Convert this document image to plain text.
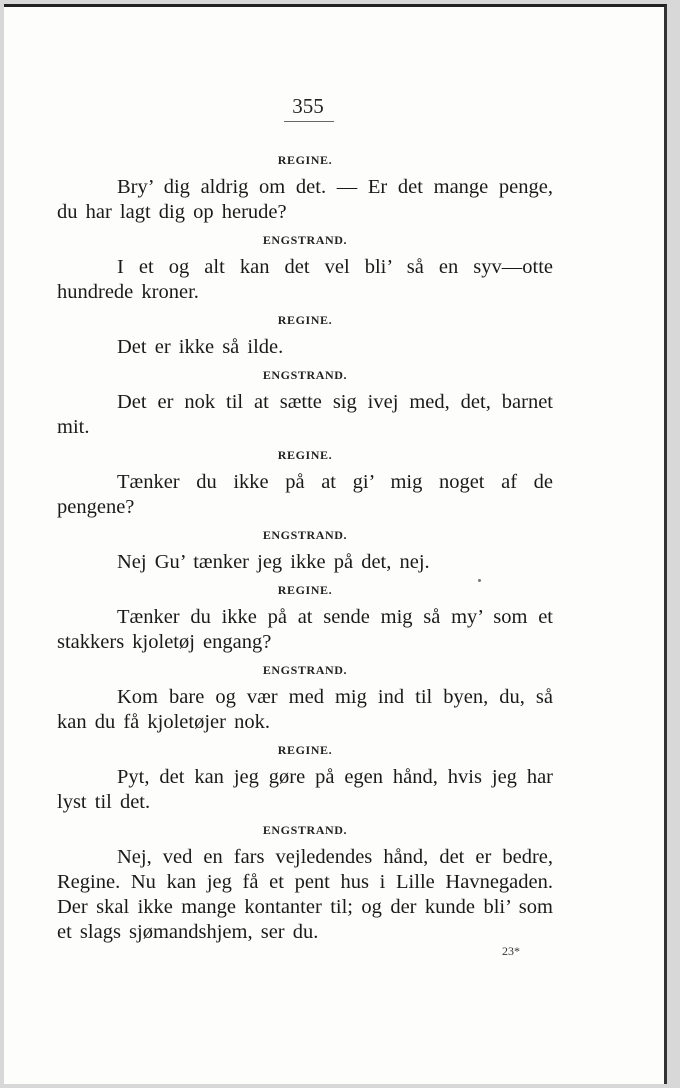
355
REGINE.

Bry’ dig aldrig om det. — Er det mange penge, du har lagt dig op herude?

ENGSTRAND.

I et og alt kan det vel bli’ så en syv—otte hundrede kroner.

REGINE.

Det er ikke så ilde.

ENGSTRAND.

Det er nok til at sætte sig ivej med, det, barnet mit.

REGINE.

Tænker du ikke på at gi’ mig noget af de pengene?

ENGSTRAND.

Nej Gu’ tænker jeg ikke på det, nej.

REGINE.

Tænker du ikke på at sende mig så my’ som et stakkers kjoletøj engang?

ENGSTRAND.

Kom bare og vær med mig ind til byen, du, så kan du få kjoletøjer nok.

REGINE.

Pyt, det kan jeg gøre på egen hånd, hvis jeg har lyst til det.

ENGSTRAND.

Nej, ved en fars vejledendes hånd, det er bedre, Regine. Nu kan jeg få et pent hus i Lille Havnegaden. Der skal ikke mange kontanter til; og der kunde bli’ som et slags sjømandshjem, ser du.

23*
